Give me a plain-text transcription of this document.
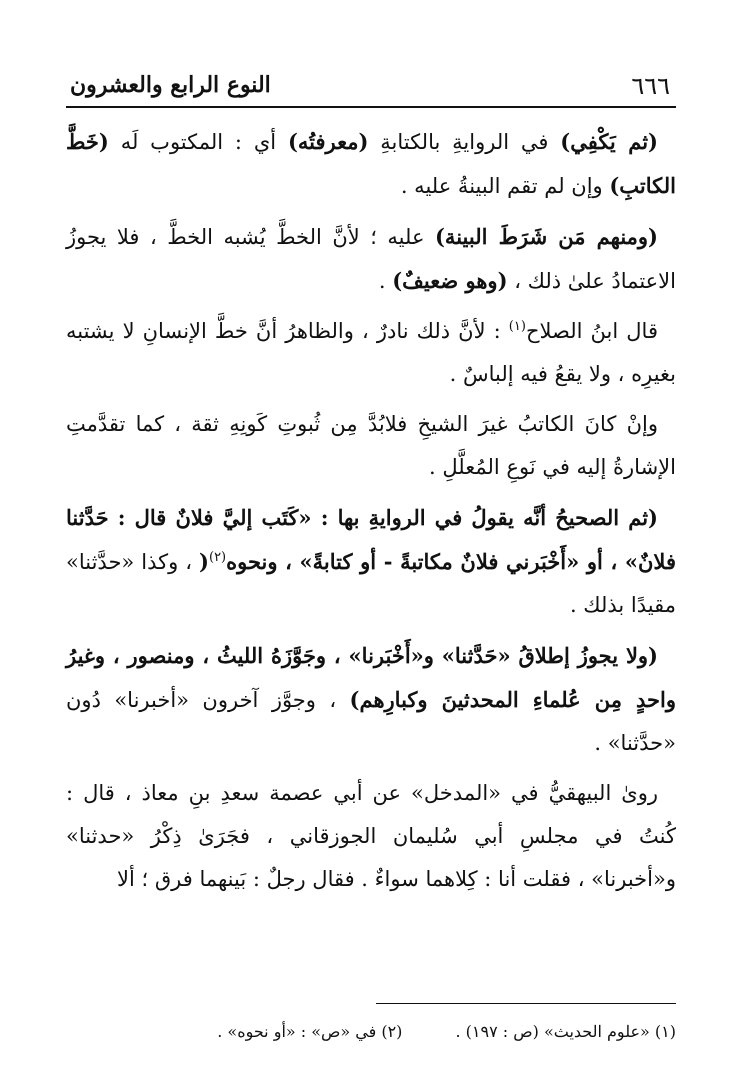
٦٦٦
النوع الرابع والعشرون

(ثم يَكْفِي) في الروايةِ بالكتابةِ (معرفتُه) أي : المكتوب لَه (خَطَّ الكاتبِ) وإن لم تقم البينةُ عليه .

(ومنهم مَن شَرَطَ البينة) عليه ؛ لأنَّ الخطَّ يُشبه الخطَّ ، فلا يجوزُ الاعتمادُ علىٰ ذلك ، (وهو ضعيفٌ) .

قال ابنُ الصلاح$^{(١)}$ : لأنَّ ذلك نادرٌ ، والظاهرُ أنَّ خطَّ الإنسانِ لا يشتبه بغيرِه ، ولا يقعُ فيه إلباسٌ .

وإنْ كانَ الكاتبُ غيرَ الشيخِ فلابُدَّ مِن ثُبوتِ كَونِهِ ثقة ، كما تقدَّمتِ الإشارةُ إليه في نَوعِ المُعلَّلِ .

(ثم الصحيحُ أنَّه يقولُ في الروايةِ بها : «كَتَب إليَّ فلانٌ قال : حَدَّثنا فلانٌ» ، أو «أَخْبَرني فلانٌ مكاتبةً - أو كتابةً» ، ونحوه$^{(٢)}$( ، وكذا «حدَّثنا» مقيدًا بذلك .

(ولا يجوزُ إطلاقُ «حَدَّثنا» و«أَخْبَرنا» ، وجَوَّزَهُ الليثُ ، ومنصور ، وغيرُ واحدٍ مِن عُلماءِ المحدثينَ وكبارِهم) ، وجوَّز آخرون «أخبرنا» دُون «حدَّثنا» .

روىٰ البيهقيُّ في «المدخل» عن أبي عصمة سعدِ بنِ معاذ ، قال : كُنتُ في مجلسِ أبي سُليمان الجوزقاني ، فجَرَىٰ ذِكْرُ «حدثنا» و«أخبرنا» ، فقلت أنا : كِلاهما سواءٌ . فقال رجلٌ : بَينهما فرق ؛ ألا

(١) «علوم الحديث» (ص : ١٩٧) . (٢) في «ص» : «أو نحوه» .
